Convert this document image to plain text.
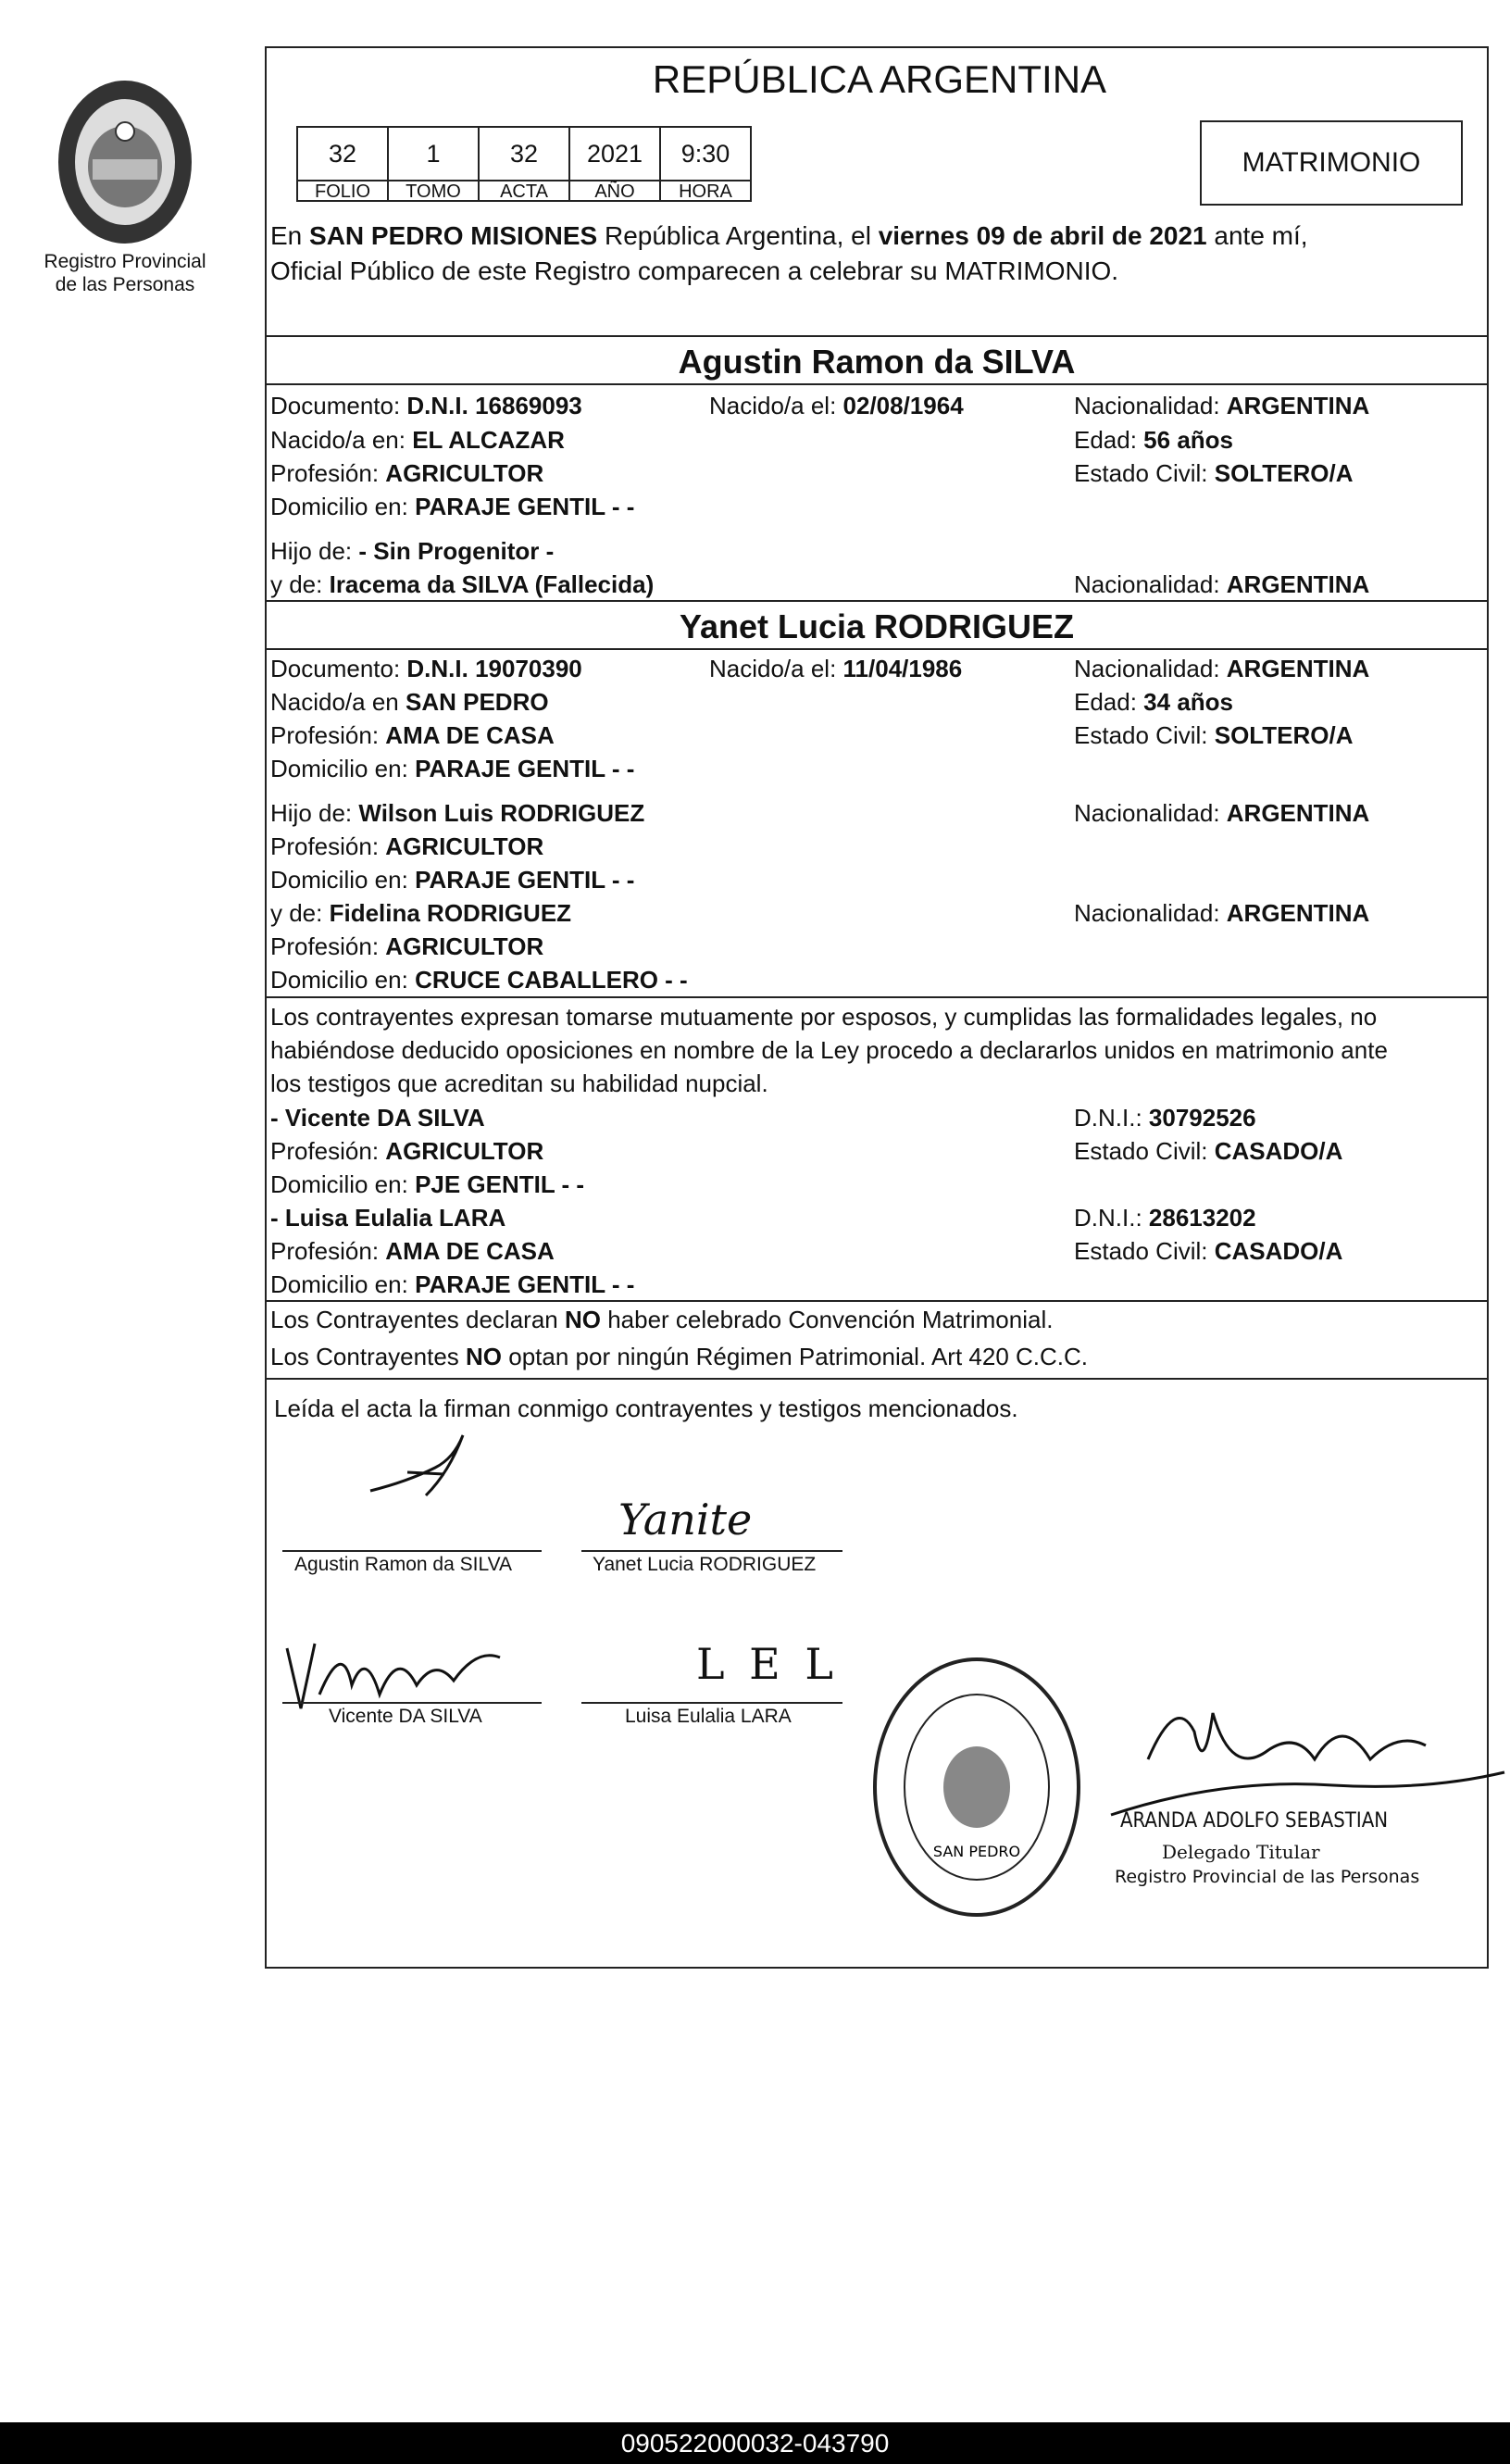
Registro Provincial
de las Personas
REPÚBLICA ARGENTINA
32
FOLIO
1
TOMO
32
ACTA
2021
AÑO
9:30
HORA
MATRIMONIO
En SAN PEDRO MISIONES República Argentina, el viernes 09 de abril de 2021 ante mí,
Oficial Público de este Registro comparecen a celebrar su MATRIMONIO.
Agustin Ramon da SILVA
Documento: D.N.I. 16869093	Nacido/a el: 02/08/1964	Nacionalidad: ARGENTINA
Nacido/a en: EL ALCAZAR	Edad: 56 años
Profesión: AGRICULTOR	Estado Civil: SOLTERO/A
Domicilio en: PARAJE GENTIL - -
Hijo de: - Sin Progenitor -
y de: Iracema da SILVA (Fallecida)	Nacionalidad: ARGENTINA
Yanet Lucia RODRIGUEZ
Documento: D.N.I. 19070390	Nacido/a el: 11/04/1986	Nacionalidad: ARGENTINA
Nacido/a en SAN PEDRO	Edad: 34 años
Profesión: AMA DE CASA	Estado Civil: SOLTERO/A
Domicilio en: PARAJE GENTIL - -
Hijo de: Wilson Luis RODRIGUEZ	Nacionalidad: ARGENTINA
Profesión: AGRICULTOR
Domicilio en: PARAJE GENTIL - -
y de: Fidelina RODRIGUEZ	Nacionalidad: ARGENTINA
Profesión: AGRICULTOR
Domicilio en: CRUCE CABALLERO - -
Los contrayentes expresan tomarse mutuamente por esposos, y cumplidas las formalidades legales, no
habiéndose deducido oposiciones en nombre de la Ley procedo a declararlos unidos en matrimonio ante
los testigos que acreditan su habilidad nupcial.
- Vicente DA SILVA	D.N.I.: 30792526
Profesión: AGRICULTOR	Estado Civil: CASADO/A
Domicilio en: PJE GENTIL - -
- Luisa Eulalia LARA	D.N.I.: 28613202
Profesión: AMA DE CASA	Estado Civil: CASADO/A
Domicilio en: PARAJE GENTIL - -
Los Contrayentes declaran NO haber celebrado Convención Matrimonial.
Los Contrayentes NO optan por ningún Régimen Patrimonial. Art 420 C.C.C.
Leída el acta la firman conmigo contrayentes y testigos mencionados.
Agustin Ramon da SILVA
Yanite
Yanet Lucia RODRIGUEZ
Vicente DA SILVA
L E L
Luisa Eulalia LARA
SAN PEDRO
ARANDA ADOLFO SEBASTIAN
Delegado Titular
Registro Provincial de las Personas
090522000032-043790
